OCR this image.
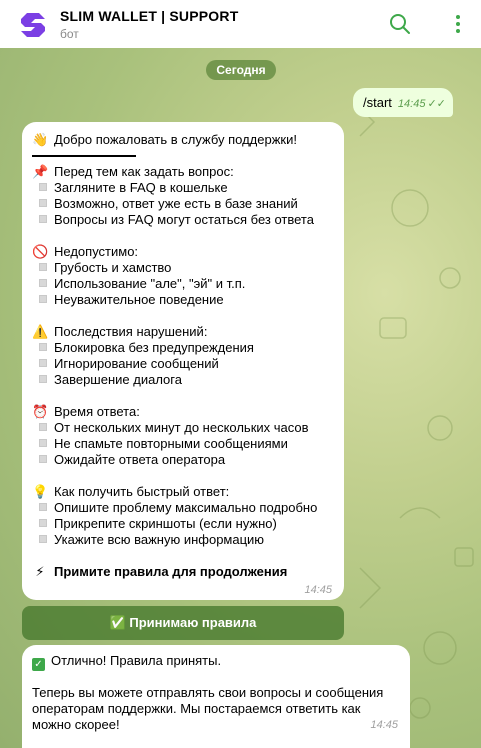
SLIM WALLET | SUPPORT
бот
Сегодня
/start 14:45 ✓✓
👋 Добро пожаловать в службу поддержки!
📌 Перед тем как задать вопрос:
Загляните в FAQ в кошельке
Возможно, ответ уже есть в базе знаний
Вопросы из FAQ могут остаться без ответа
🚫 Недопустимо:
Грубость и хамство
Использование "але", "эй" и т.п.
Неуважительное поведение
⚠️ Последствия нарушений:
Блокировка без предупреждения
Игнорирование сообщений
Завершение диалога
⏰ Время ответа:
От нескольких минут до нескольких часов
Не спамьте повторными сообщениями
Ожидайте ответа оператора
💡 Как получить быстрый ответ:
Опишите проблему максимально подробно
Прикрепите скриншоты (если нужно)
Укажите всю важную информацию
⚡ Примите правила для продолжения
14:45
✅ Принимаю правила
✓ Отлично! Правила приняты.
Теперь вы можете отправлять свои вопросы и сообщения
операторам поддержки. Мы постараемся ответить как
можно скорее!	14:45
